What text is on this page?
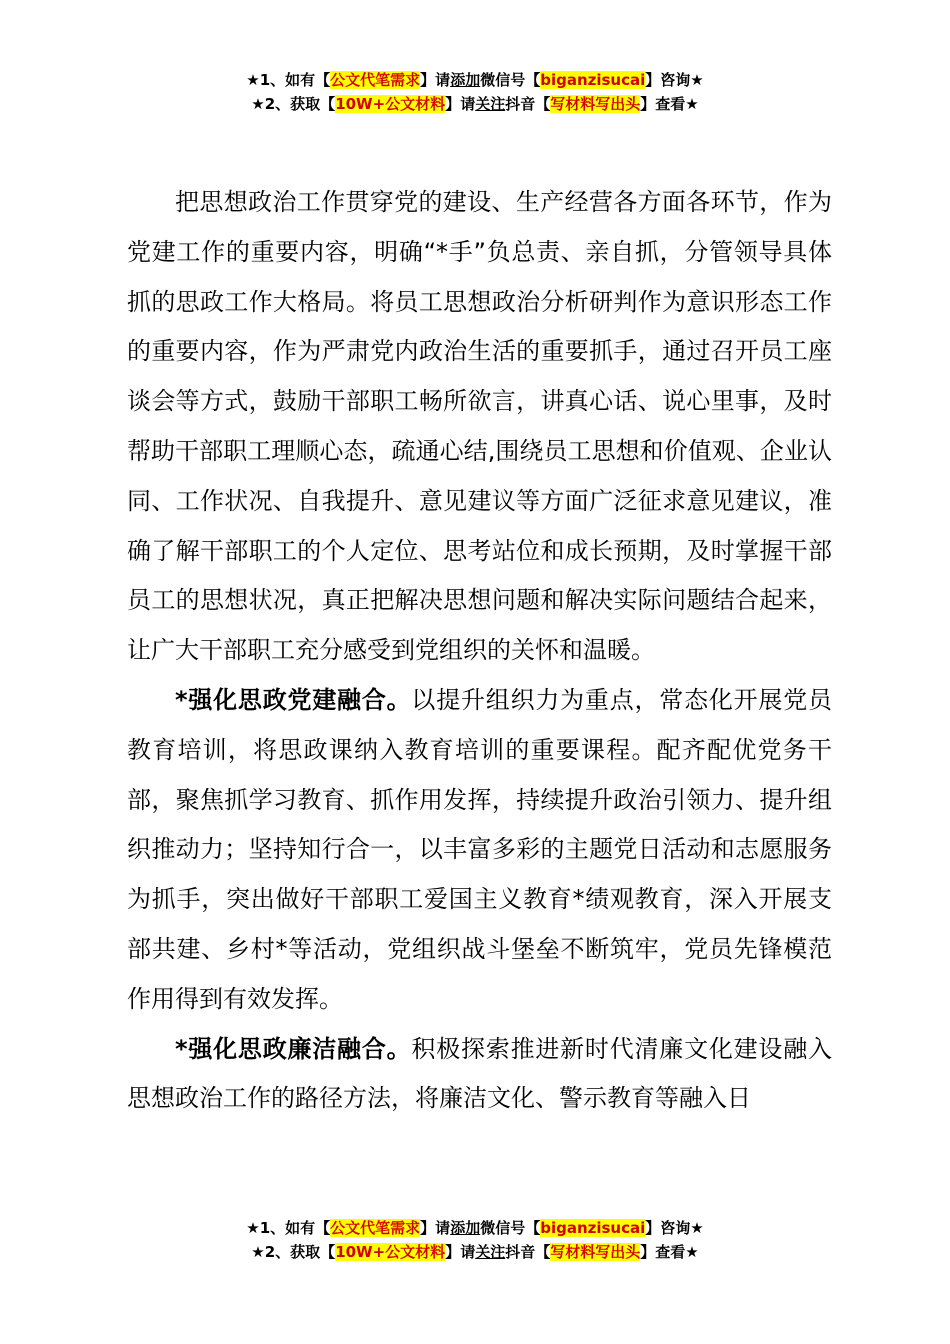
★1、如有【公文代笔需求】请添加微信号【biganzisucai】咨询★
★2、获取【10W+公文材料】请关注抖音【写材料写出头】查看★

把思想政治工作贯穿党的建设、生产经营各方面各环节，作为党建工作的重要内容，明确“*手”负总责、亲自抓，分管领导具体抓的思政工作大格局。将员工思想政治分析研判作为意识形态工作的重要内容，作为严肃党内政治生活的重要抓手，通过召开员工座谈会等方式，鼓励干部职工畅所欲言，讲真心话、说心里事，及时帮助干部职工理顺心态，疏通心结,围绕员工思想和价值观、企业认同、工作状况、自我提升、意见建议等方面广泛征求意见建议，准确了解干部职工的个人定位、思考站位和成长预期，及时掌握干部员工的思想状况，真正把解决思想问题和解决实际问题结合起来，让广大干部职工充分感受到党组织的关怀和温暖。

*强化思政党建融合。以提升组织力为重点，常态化开展党员教育培训，将思政课纳入教育培训的重要课程。配齐配优党务干部，聚焦抓学习教育、抓作用发挥，持续提升政治引领力、提升组织推动力；坚持知行合一，以丰富多彩的主题党日活动和志愿服务为抓手，突出做好干部职工爱国主义教育*绩观教育，深入开展支部共建、乡村*等活动，党组织战斗堡垒不断筑牢，党员先锋模范作用得到有效发挥。

*强化思政廉洁融合。积极探索推进新时代清廉文化建设融入思想政治工作的路径方法，将廉洁文化、警示教育等融入日

★1、如有【公文代笔需求】请添加微信号【biganzisucai】咨询★
★2、获取【10W+公文材料】请关注抖音【写材料写出头】查看★
